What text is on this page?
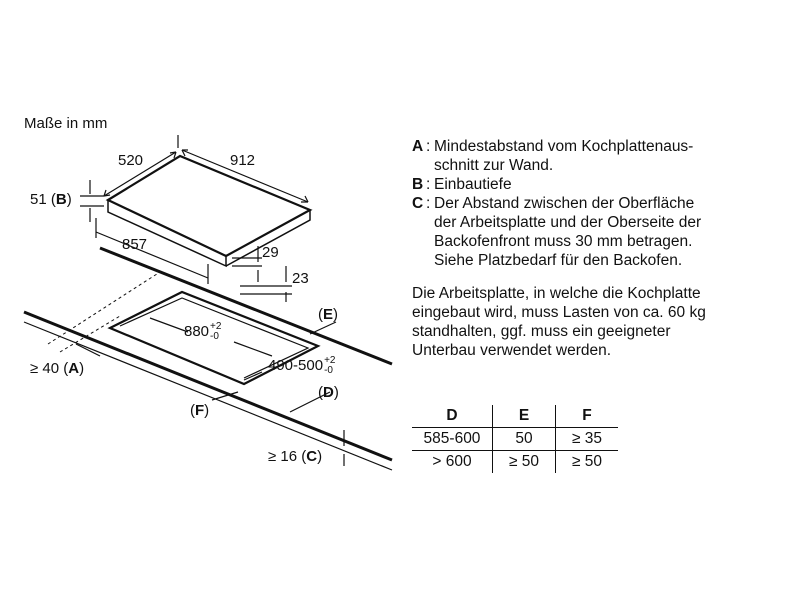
Maße in mm
520	912
51 (B)
857	29
23
880 +2
-0
490-500 +2
-0
(E)
(D)
(F)
≥ 40 (A)
≥ 16 (C)
A : Mindestabstand vom Kochplattenaus-
schnitt zur Wand.
B : Einbautiefe
C : Der Abstand zwischen der Oberfläche
der Arbeitsplatte und der Oberseite der
Backofenfront muss 30 mm betragen.
Siehe Platzbedarf für den Backofen.
Die Arbeitsplatte, in welche die Kochplatte
eingebaut wird, muss Lasten von ca. 60 kg
standhalten, ggf. muss ein geeigneter
Unterbau verwendet werden.
D	E	F
585-600	50	≥ 35
> 600	≥ 50	≥ 50
